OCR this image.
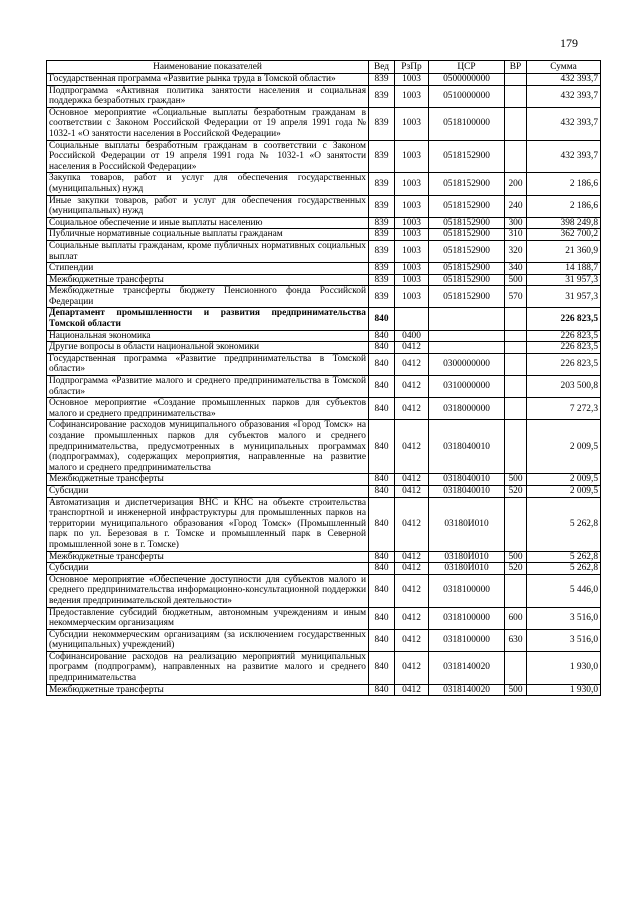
179
Наименование показателей	Вед	РзПр	ЦСР	ВР	Сумма
Государственная программа «Развитие рынка труда в Томской области»	839	1003	0500000000		432 393,7
Подпрограмма «Активная политика занятости населения и социальная поддержка безработных граждан»	839	1003	0510000000		432 393,7
Основное мероприятие «Социальные выплаты безработным гражданам в соответствии с Законом Российской Федерации от 19 апреля 1991 года № 1032-1 «О занятости населения в Российской Федерации»	839	1003	0518100000		432 393,7
Социальные выплаты безработным гражданам в соответствии с Законом Российской Федерации от 19 апреля 1991 года № 1032-1 «О занятости населения в Российской Федерации»	839	1003	0518152900		432 393,7
Закупка товаров, работ и услуг для обеспечения государственных (муниципальных) нужд	839	1003	0518152900	200	2 186,6
Иные закупки товаров, работ и услуг для обеспечения государственных (муниципальных) нужд	839	1003	0518152900	240	2 186,6
Социальное обеспечение и иные выплаты населению	839	1003	0518152900	300	398 249,8
Публичные нормативные социальные выплаты гражданам	839	1003	0518152900	310	362 700,2
Социальные выплаты гражданам, кроме публичных нормативных социальных выплат	839	1003	0518152900	320	21 360,9
Стипендии	839	1003	0518152900	340	14 188,7
Межбюджетные трансферты	839	1003	0518152900	500	31 957,3
Межбюджетные трансферты бюджету Пенсионного фонда Российской Федерации	839	1003	0518152900	570	31 957,3
Департамент промышленности и развития предпринимательства Томской области	840				226 823,5
Национальная экономика	840	0400			226 823,5
Другие вопросы в области национальной экономики	840	0412			226 823,5
Государственная программа «Развитие предпринимательства в Томской области»	840	0412	0300000000		226 823,5
Подпрограмма «Развитие малого и среднего предпринимательства в Томской области»	840	0412	0310000000		203 500,8
Основное мероприятие «Создание промышленных парков для субъектов малого и среднего предпринимательства»	840	0412	0318000000		7 272,3
Софинансирование расходов муниципального образования «Город Томск» на создание промышленных парков для субъектов малого и среднего предпринимательства, предусмотренных в муниципальных программах (подпрограммах), содержащих мероприятия, направленные на развитие малого и среднего предпринимательства	840	0412	0318040010		2 009,5
Межбюджетные трансферты	840	0412	0318040010	500	2 009,5
Субсидии	840	0412	0318040010	520	2 009,5
Автоматизация и диспетчеризация ВНС и КНС на объекте строительства транспортной и инженерной инфраструктуры для промышленных парков на территории муниципального образования «Город Томск» (Промышленный парк по ул. Березовая в г. Томске и промышленный парк в Северной промышленной зоне в г. Томске)	840	0412	03180И010		5 262,8
Межбюджетные трансферты	840	0412	03180И010	500	5 262,8
Субсидии	840	0412	03180И010	520	5 262,8
Основное мероприятие «Обеспечение доступности для субъектов малого и среднего предпринимательства информационно-консультационной поддержки ведения предпринимательской деятельности»	840	0412	0318100000		5 446,0
Предоставление субсидий бюджетным, автономным учреждениям и иным некоммерческим организациям	840	0412	0318100000	600	3 516,0
Субсидии некоммерческим организациям (за исключением государственных (муниципальных) учреждений)	840	0412	0318100000	630	3 516,0
Софинансирование расходов на реализацию мероприятий муниципальных программ (подпрограмм), направленных на развитие малого и среднего предпринимательства	840	0412	0318140020		1 930,0
Межбюджетные трансферты	840	0412	0318140020	500	1 930,0
